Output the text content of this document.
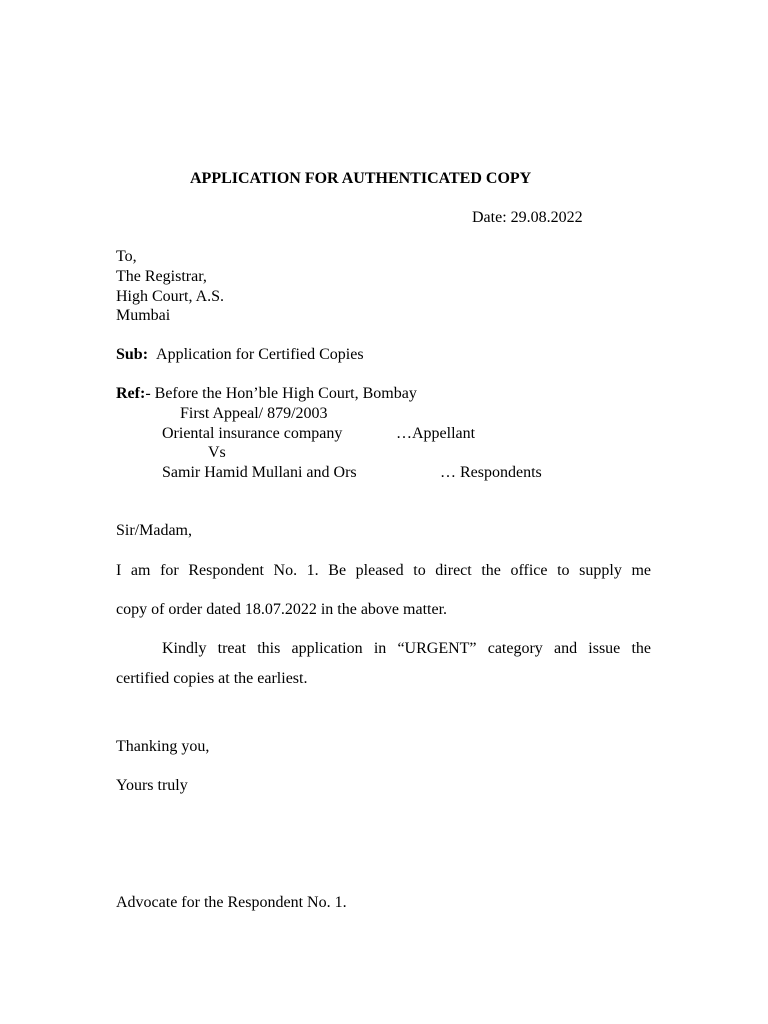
APPLICATION FOR AUTHENTICATED COPY
Date: 29.08.2022
To,
The Registrar,
High Court, A.S.
Mumbai
Sub: Application for Certified Copies
Ref:- Before the Hon’ble High Court, Bombay
First Appeal/ 879/2003
Oriental insurance company	…Appellant
Vs
Samir Hamid Mullani and Ors	… Respondents
Sir/Madam,
I am for Respondent No. 1. Be pleased to direct the office to supply me
copy of order dated 18.07.2022 in the above matter.
Kindly treat this application in “URGENT” category and issue the
certified copies at the earliest.
Thanking you,
Yours truly
Advocate for the Respondent No. 1.
